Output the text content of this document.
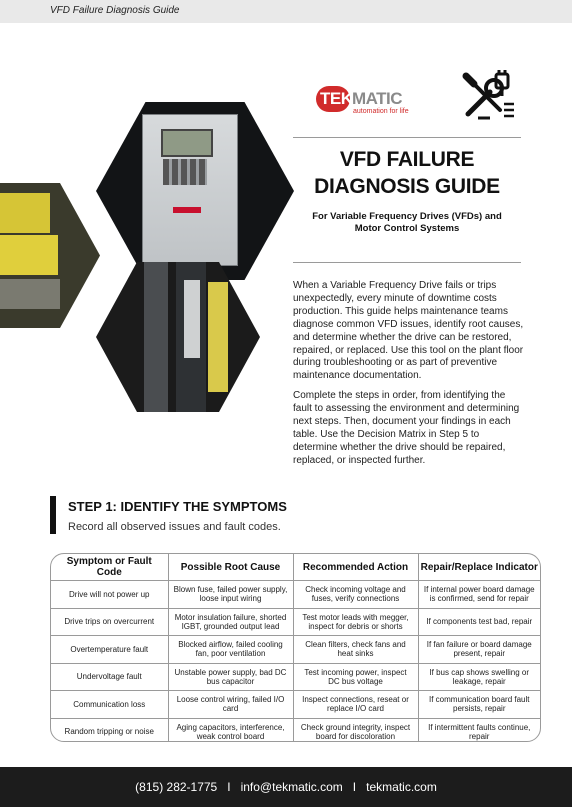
VFD Failure Diagnosis Guide
TEK MATIC
automation for life
VFD FAILURE
DIAGNOSIS GUIDE
For Variable Frequency Drives (VFDs) and
Motor Control Systems

When a Variable Frequency Drive fails or trips unexpectedly, every minute of downtime costs production. This guide helps maintenance teams diagnose common VFD issues, identify root causes, and determine whether the drive can be restored, repaired, or replaced. Use this tool on the plant floor during troubleshooting or as part of preventive maintenance documentation.

Complete the steps in order, from identifying the fault to assessing the environment and determining next steps. Then, document your findings in each table. Use the Decision Matrix in Step 5 to determine whether the drive should be repaired, replaced, or inspected further.

STEP 1: IDENTIFY THE SYMPTOMS
Record all observed issues and fault codes.
Symptom or Fault Code	Possible Root Cause	Recommended Action	Repair/Replace Indicator
Drive will not power up	Blown fuse, failed power supply, loose input wiring	Check incoming voltage and fuses, verify connections	If internal power board damage is confirmed, send for repair
Drive trips on overcurrent	Motor insulation failure, shorted IGBT, grounded output lead	Test motor leads with megger, inspect for debris or shorts	If components test bad, repair
Overtemperature fault	Blocked airflow, failed cooling fan, poor ventilation	Clean filters, check fans and heat sinks	If fan failure or board damage present, repair
Undervoltage fault	Unstable power supply, bad DC bus capacitor	Test incoming power, inspect DC bus voltage	If bus cap shows swelling or leakage, repair
Communication loss	Loose control wiring, failed I/O card	Inspect connections, reseat or replace I/O card	If communication board fault persists, repair
Random tripping or noise	Aging capacitors, interference, weak control board	Check ground integrity, inspect board for discoloration	If intermittent faults continue, repair
(815) 282-1775 I info@tekmatic.com I tekmatic.com
